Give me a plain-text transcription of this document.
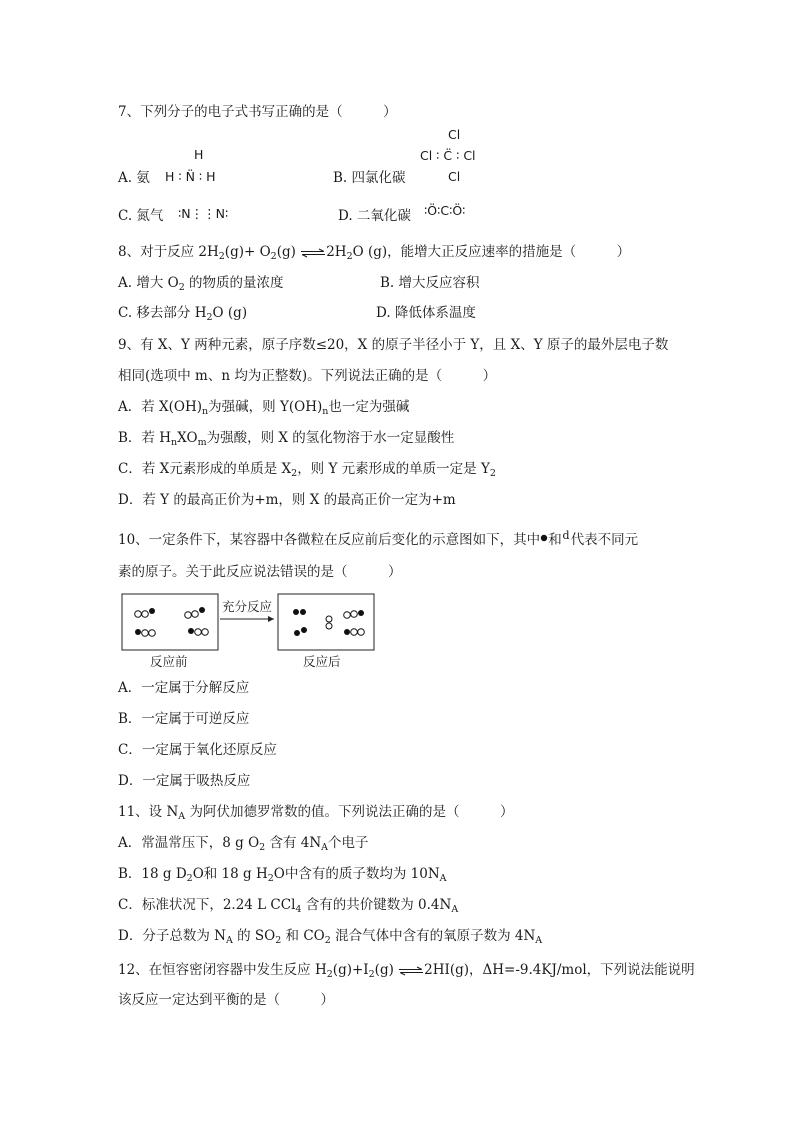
7、下列分子的电子式书写正确的是（　　　）
A. 氨
H
H ∶ N̈ ∶ H	B. 四氯化碳
Cl
Cl ∶ C̈ ∶ Cl
Cl
C. 氮气 ∶N⋮⋮N∶	D. 二氧化碳 ∶Ö∶C∶Ö∶
8、对于反应 $2H_2(g)+ O_2(g)$ $\rightleftharpoons 2H_2O$ (g)，能增大正反应速率的措施是（　　　）
A. 增大 $O_2$ 的物质的量浓度	B. 增大反应容积
C. 移去部分 $H_2O$ (g)	D. 降低体系温度
9、有 X、Y 两种元素，原子序数≤20，X 的原子半径小于 Y，且 X、Y 原子的最外层电子数
相同(选项中 m、n 均为正整数)。下列说法正确的是（　　　）
A．若 $X(OH)_n$为强碱，则 $Y(OH)_n$也一定为强碱
B．若 $H_nXO_m$为强酸，则 X 的氢化物溶于水一定显酸性
C．若 X元素形成的单质是 $X_2$，则 Y 元素形成的单质一定是 $Y_2$
D．若 Y 的最高正价为+m，则 X 的最高正价一定为+m
10、一定条件下，某容器中各微粒在反应前后变化的示意图如下，其中 和 d 代表不同元
素的原子。关于此反应说法错误的是（　　　）
充分反应
反应前	反应后
A．一定属于分解反应
B．一定属于可逆反应
C．一定属于氧化还原反应
D．一定属于吸热反应
11、设 $N_A$ 为阿伏加德罗常数的值。下列说法正确的是（　　　）
A．常温常压下，8 g $O_2$ 含有 $4N_A$个电子
B．18 g $D_2O$和 18 g $H_2O$中含有的质子数均为 $10N_A$
C．标准状况下，2.24 L CCl$_4$ 含有的共价键数为 $0.4N_A$
D．分子总数为 $N_A$ 的 $SO_2$ 和 $CO_2$ 混合气体中含有的氧原子数为 $4N_A$
12、在恒容密闭容器中发生反应 $H_2(g)+I_2(g)$ ⇌2HI(g)，ΔH=-9.4KJ/mol，下列说法能说明
该反应一定达到平衡的是（　　　）
